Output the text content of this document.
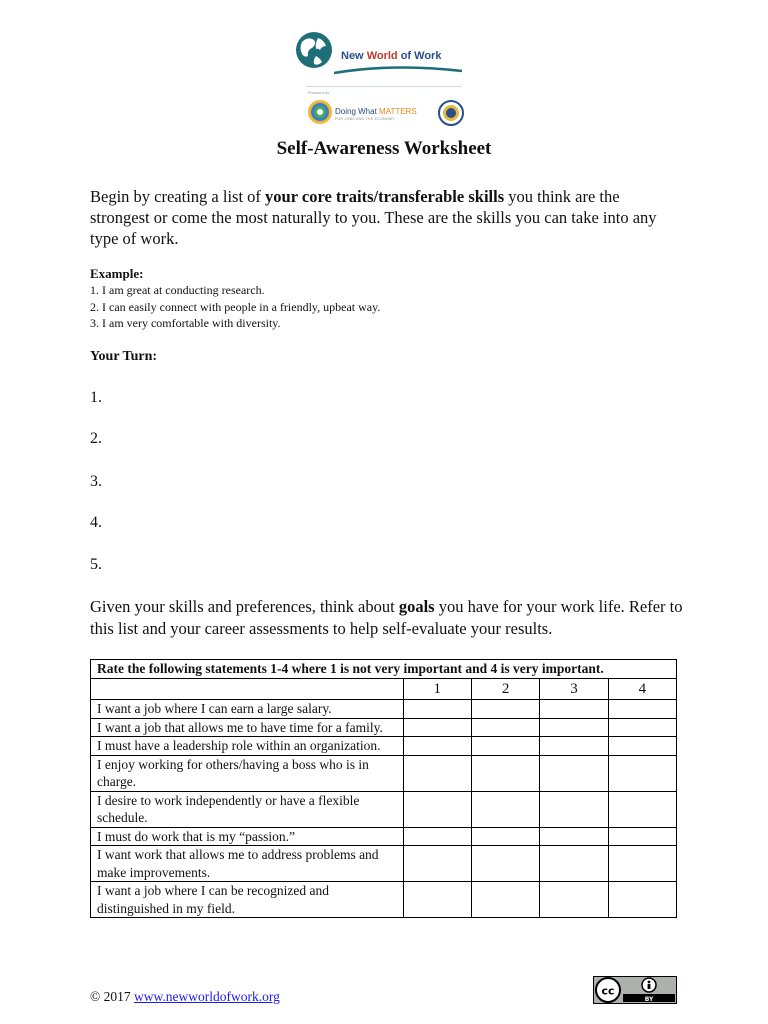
New World of Work
Powered by
Doing What MATTERS
FOR JOBS AND THE ECONOMY
Self-Awareness Worksheet

Begin by creating a list of your core traits/transferable skills you think are the strongest or come the most naturally to you. These are the skills you can take into any type of work.

Example:
1. I am great at conducting research.
2. I can easily connect with people in a friendly, upbeat way.
3. I am very comfortable with diversity.
Your Turn:
1.
2.
3.
4.
5.

Given your skills and preferences, think about goals you have for your work life. Refer to this list and your career assessments to help self-evaluate your results.

Rate the following statements 1-4 where 1 is not very important and 4 is very important.				
	1	2	3	4
I want a job where I can earn a large salary.				
I want a job that allows me to have time for a family.				
I must have a leadership role within an organization.				
I enjoy working for others/having a boss who is in charge.				
I desire to work independently or have a flexible schedule.				
I must do work that is my “passion.”				
I want work that allows me to address problems and make improvements.				
I want a job where I can be recognized and distinguished in my field.				
© 2017 www.newworldofwork.org	cc
BY
